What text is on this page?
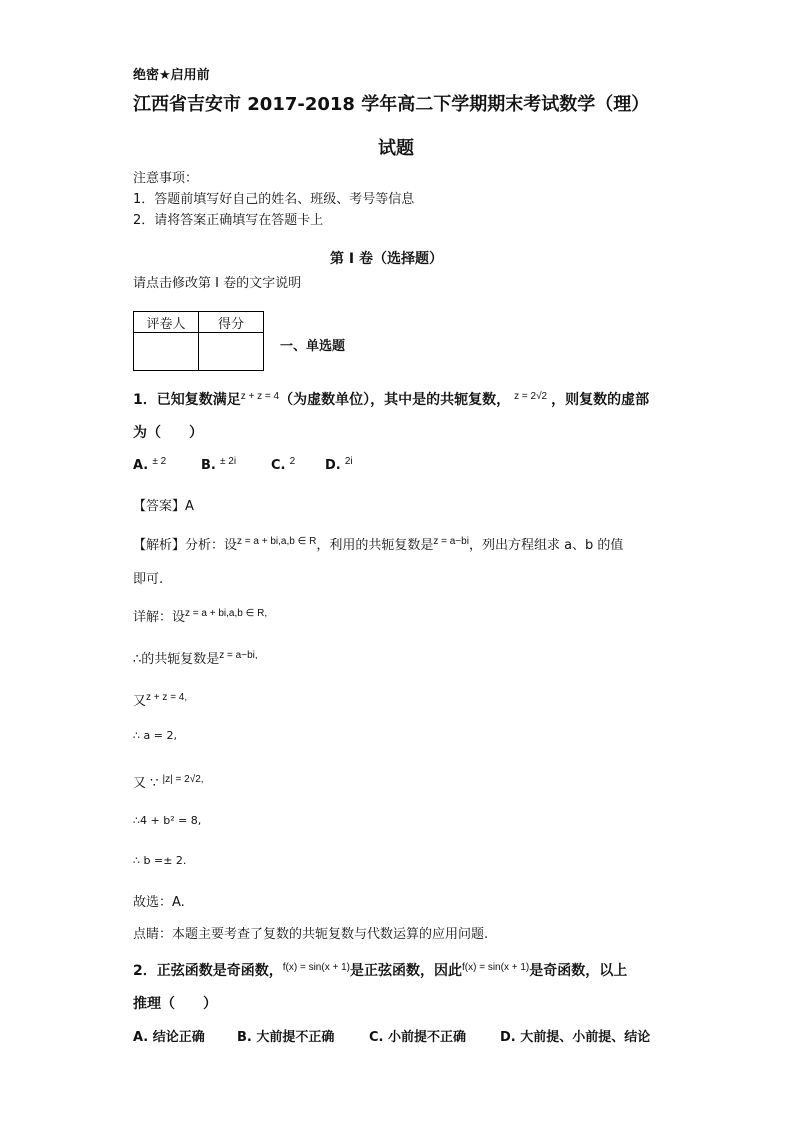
绝密★启用前
江西省吉安市 2017-2018 学年高二下学期期末考试数学（理）
试题
注意事项：
1．答题前填写好自己的姓名、班级、考号等信息
2．请将答案正确填写在答题卡上
第 I 卷（选择题）
请点击修改第 I 卷的文字说明
评卷人	得分

一、单选题
1．已知复数满足$^{z + z = 4}$（为虚数单位），其中是的共轭复数， $^{z = 2√2}$ ，则复数的虚部
为（　　）
A. $^{\pm 2}$	B. $^{\pm 2i}$	C. $^2$ D. $^{2i}$
【答案】A
【解析】分析：设$^{z = a + bi,a,b \in R}$，利用的共轭复数是$^{z = a-bi}$，列出方程组求 a、b 的值
即可.
详解：设$^{z = a + bi,a,b \in R,}$
∴的共轭复数是$^{z = a-bi,}$
又$^{z + z = 4,}$
∴ a = 2,
又 ∵ $^{|z| = 2√2,}$
∴4 + b² = 8,
∴ b =± 2.
故选：A.
点睛：本题主要考查了复数的共轭复数与代数运算的应用问题.
2．正弦函数是奇函数，$^{f(x) = sin(x + 1)}$是正弦函数，因此$^{f(x) = sin(x + 1)}$是奇函数，以上
推理（　　）
A. 结论正确 B. 大前提不正确	C. 小前提不正确	D. 大前提、小前提、结论
